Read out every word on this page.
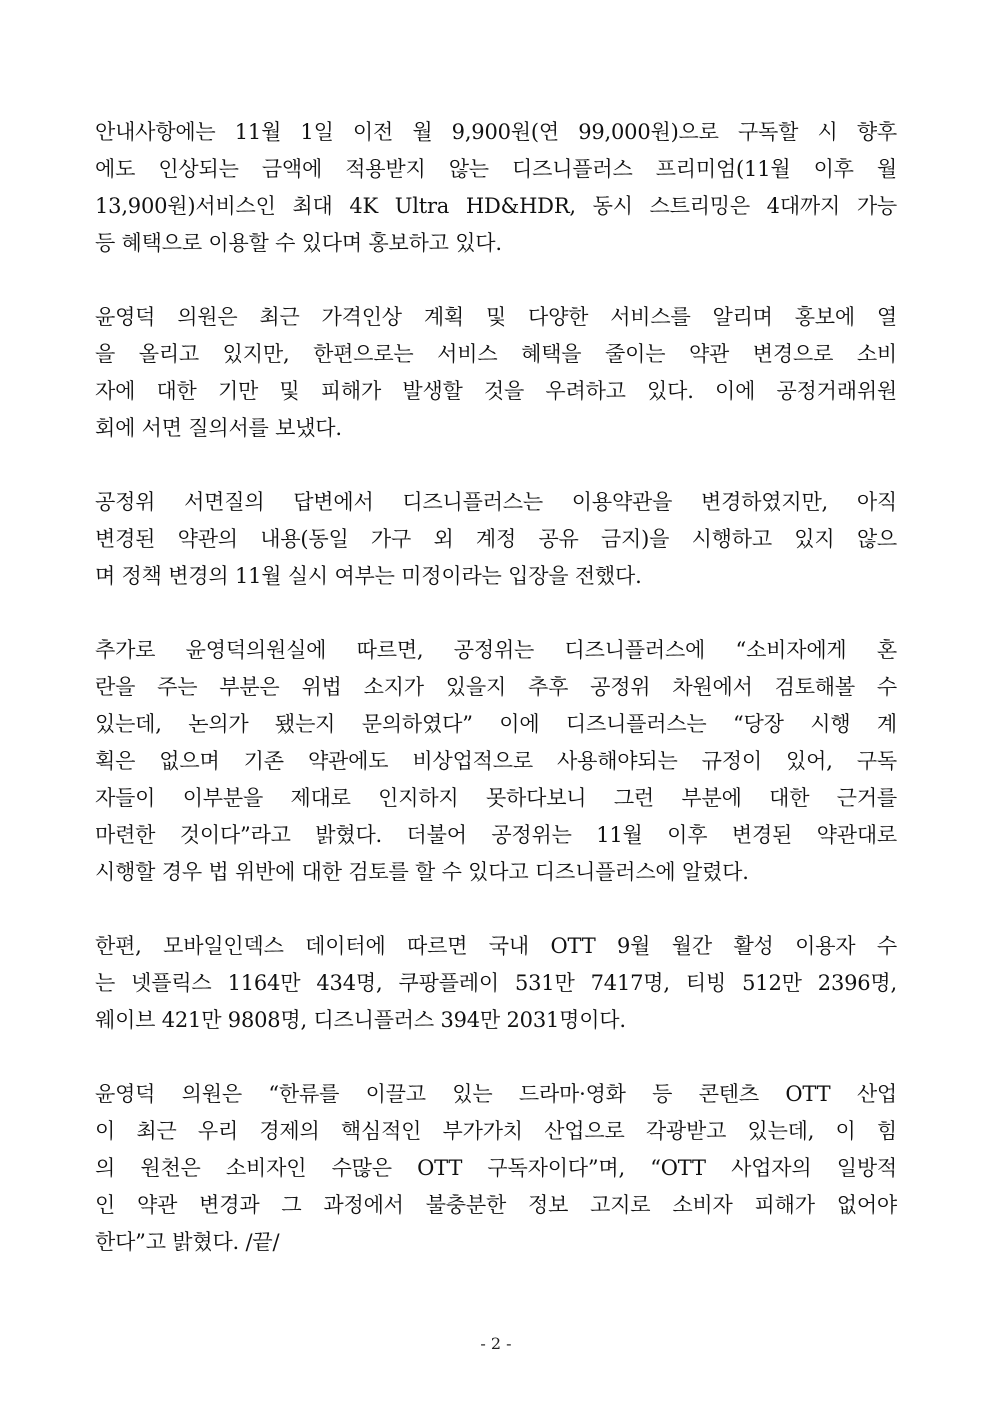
안내사항에는 11월 1일 이전 월 9,900원(연 99,000원)으로 구독할 시 향후
에도 인상되는 금액에 적용받지 않는 디즈니플러스 프리미엄(11월 이후 월
13,900원)서비스인 최대 4K Ultra HD&HDR, 동시 스트리밍은 4대까지 가능
등 혜택으로 이용할 수 있다며 홍보하고 있다.
윤영덕 의원은 최근 가격인상 계획 및 다양한 서비스를 알리며 홍보에 열
을 올리고 있지만, 한편으로는 서비스 혜택을 줄이는 약관 변경으로 소비
자에 대한 기만 및 피해가 발생할 것을 우려하고 있다. 이에 공정거래위원
회에 서면 질의서를 보냈다.
공정위 서면질의 답변에서 디즈니플러스는 이용약관을 변경하였지만, 아직
변경된 약관의 내용(동일 가구 외 계정 공유 금지)을 시행하고 있지 않으
며 정책 변경의 11월 실시 여부는 미정이라는 입장을 전했다.
추가로 윤영덕의원실에 따르면, 공정위는 디즈니플러스에 “소비자에게 혼
란을 주는 부분은 위법 소지가 있을지 추후 공정위 차원에서 검토해볼 수
있는데, 논의가 됐는지 문의하였다” 이에 디즈니플러스는 “당장 시행 계
획은 없으며 기존 약관에도 비상업적으로 사용해야되는 규정이 있어, 구독
자들이 이부분을 제대로 인지하지 못하다보니 그런 부분에 대한 근거를
마련한 것이다”라고 밝혔다. 더불어 공정위는 11월 이후 변경된 약관대로
시행할 경우 법 위반에 대한 검토를 할 수 있다고 디즈니플러스에 알렸다.
한편, 모바일인덱스 데이터에 따르면 국내 OTT 9월 월간 활성 이용자 수
는 넷플릭스 1164만 434명, 쿠팡플레이 531만 7417명, 티빙 512만 2396명,
웨이브 421만 9808명, 디즈니플러스 394만 2031명이다.
윤영덕 의원은 “한류를 이끌고 있는 드라마·영화 등 콘텐츠 OTT 산업
이 최근 우리 경제의 핵심적인 부가가치 산업으로 각광받고 있는데, 이 힘
의 원천은 소비자인 수많은 OTT 구독자이다”며, “OTT 사업자의 일방적
인 약관 변경과 그 과정에서 불충분한 정보 고지로 소비자 피해가 없어야
한다”고 밝혔다. /끝/
- 2 -
